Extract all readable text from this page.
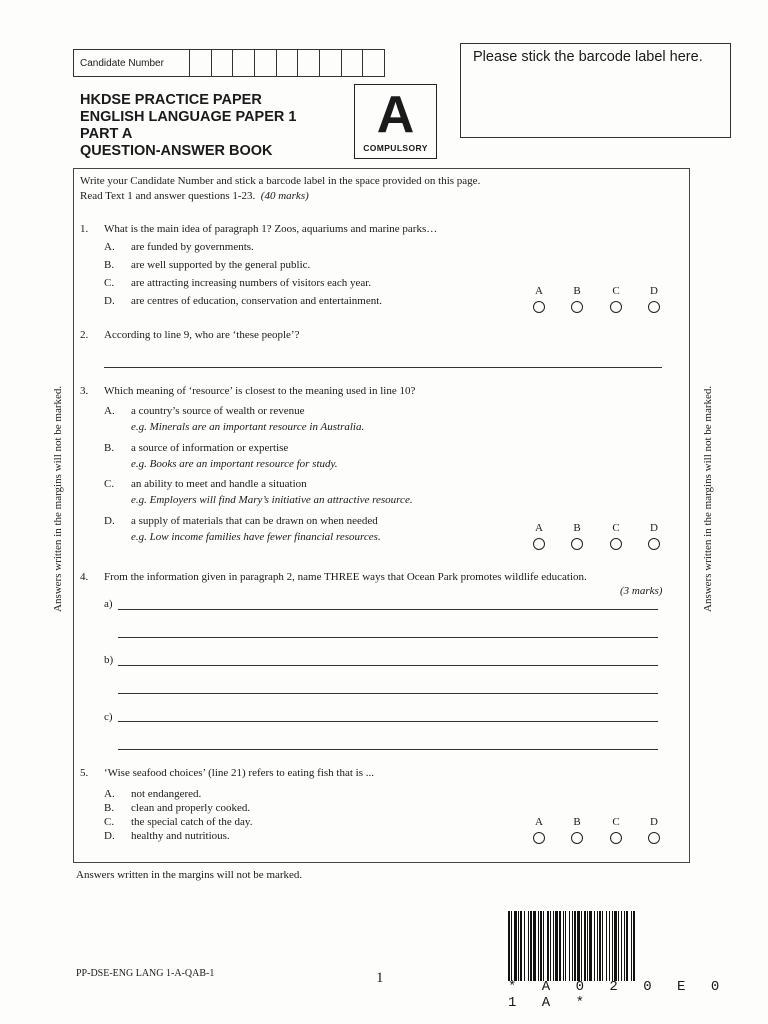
Candidate Number	Please stick the barcode label here.
HKDSE PRACTICE PAPER
ENGLISH LANGUAGE PAPER 1
PART A
QUESTION-ANSWER BOOK
A
COMPULSORY
Write your Candidate Number and stick a barcode label in the space provided on this page.
Read Text 1 and answer questions 1-23. (40 marks)
1. What is the main idea of paragraph 1? Zoos, aquariums and marine parks…
A. are funded by governments.
B. are well supported by the general public.
C. are attracting increasing numbers of visitors each year.
D. are centres of education, conservation and entertainment.
A	B	C	D
2. According to line 9, who are ‘these people’?
3. Which meaning of ‘resource’ is closest to the meaning used in line 10?
A. a country’s source of wealth or revenue
e.g. Minerals are an important resource in Australia.
B. a source of information or expertise
e.g. Books are an important resource for study.
C. an ability to meet and handle a situation
e.g. Employers will find Mary’s initiative an attractive resource.
D. a supply of materials that can be drawn on when needed
e.g. Low income families have fewer financial resources.
A	B	C	D
4. From the information given in paragraph 2, name THREE ways that Ocean Park promotes wildlife education.
(3 marks)
a)
b)
c)
5. ‘Wise seafood choices’ (line 21) refers to eating fish that is ...
A. not endangered.
B. clean and properly cooked.
C. the special catch of the day.
D. healthy and nutritious.
A	B	C	D
Answers written in the margins will not be marked.	Answers written in the margins will not be marked.
Answers written in the margins will not be marked.
PP-DSE-ENG LANG 1-A-QAB-1	1
* A 0 2 0 E 0 1 A *
